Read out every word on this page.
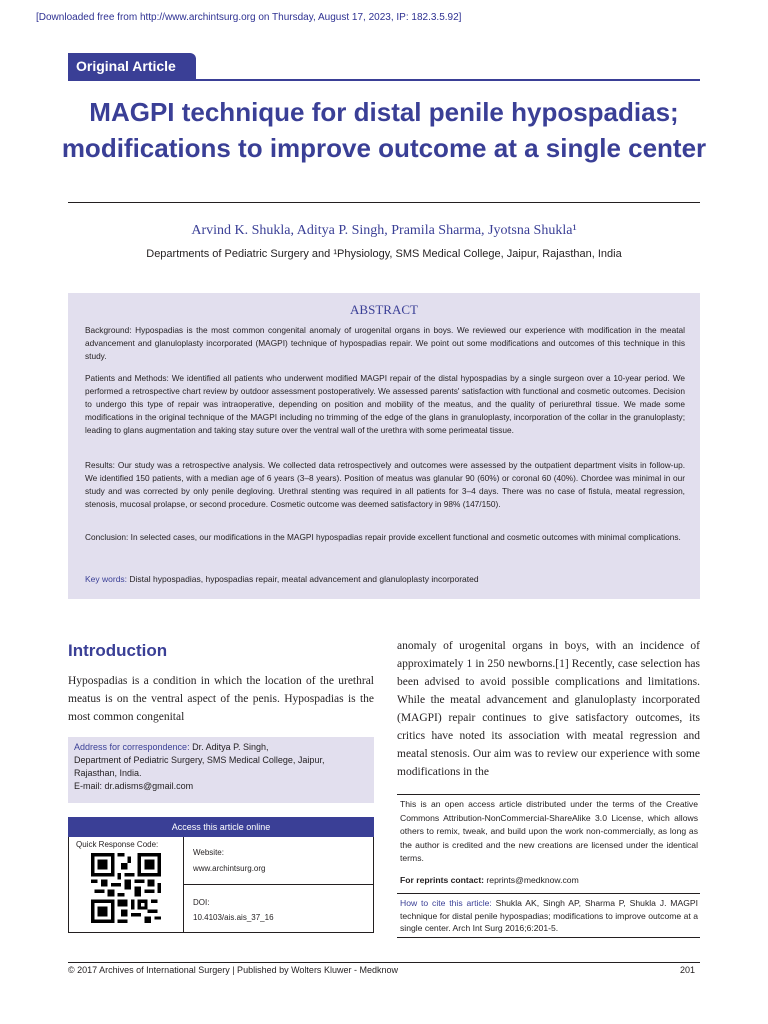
[Downloaded free from http://www.archintsurg.org on Thursday, August 17, 2023, IP: 182.3.5.92]
Original Article
MAGPI technique for distal penile hypospadias; modifications to improve outcome at a single center
Arvind K. Shukla, Aditya P. Singh, Pramila Sharma, Jyotsna Shukla¹
Departments of Pediatric Surgery and ¹Physiology, SMS Medical College, Jaipur, Rajasthan, India
ABSTRACT
Background: Hypospadias is the most common congenital anomaly of urogenital organs in boys. We reviewed our experience with modification in the meatal advancement and glanuloplasty incorporated (MAGPI) technique of hypospadias repair. We point out some modifications and outcomes of this technique in this study.
Patients and Methods: We identified all patients who underwent modified MAGPI repair of the distal hypospadias by a single surgeon over a 10-year period. We performed a retrospective chart review by outdoor assessment postoperatively. We assessed parents' satisfaction with functional and cosmetic outcomes. Decision to undergo this type of repair was intraoperative, depending on position and mobility of the meatus, and the quality of periurethral tissue. We made some modifications in the original technique of the MAGPI including no trimming of the edge of the glans in granuloplasty, incorporation of the collar in the granuloplasty; leading to glans augmentation and taking stay suture over the ventral wall of the urethra with some perimeatal tissue.
Results: Our study was a retrospective analysis. We collected data retrospectively and outcomes were assessed by the outpatient department visits in follow-up. We identified 150 patients, with a median age of 6 years (3–8 years). Position of meatus was glanular 90 (60%) or coronal 60 (40%). Chordee was minimal in our study and was corrected by only penile degloving. Urethral stenting was required in all patients for 3–4 days. There was no case of fistula, meatal regression, stenosis, mucosal prolapse, or second procedure. Cosmetic outcome was deemed satisfactory in 98% (147/150).
Conclusion: In selected cases, our modifications in the MAGPI hypospadias repair provide excellent functional and cosmetic outcomes with minimal complications.
Key words: Distal hypospadias, hypospadias repair, meatal advancement and glanuloplasty incorporated
Introduction
Hypospadias is a condition in which the location of the urethral meatus is on the ventral aspect of the penis. Hypospadias is the most common congenital
anomaly of urogenital organs in boys, with an incidence of approximately 1 in 250 newborns.[1] Recently, case selection has been advised to avoid possible complications and limitations. While the meatal advancement and glanuloplasty incorporated (MAGPI) repair continues to give satisfactory outcomes, its critics have noted its association with meatal regression and meatal stenosis. Our aim was to review our experience with some modifications in the
Address for correspondence: Dr. Aditya P. Singh,
Department of Pediatric Surgery, SMS Medical College, Jaipur,
Rajasthan, India.
E-mail: dr.adisms@gmail.com
Access this article online
Quick Response Code:
Website:
www.archintsurg.org
DOI:
10.4103/ais.ais_37_16
This is an open access article distributed under the terms of the Creative Commons Attribution-NonCommercial-ShareAlike 3.0 License, which allows others to remix, tweak, and build upon the work non-commercially, as long as the author is credited and the new creations are licensed under the identical terms.
For reprints contact: reprints@medknow.com
How to cite this article: Shukla AK, Singh AP, Sharma P, Shukla J. MAGPI technique for distal penile hypospadias; modifications to improve outcome at a single center. Arch Int Surg 2016;6:201-5.
© 2017 Archives of International Surgery | Published by Wolters Kluwer - Medknow	201
